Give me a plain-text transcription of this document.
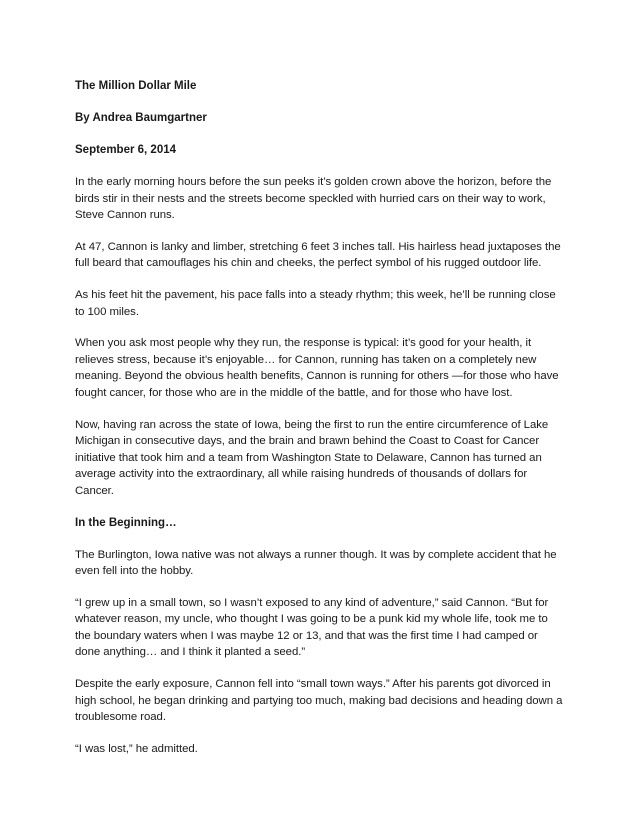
The Million Dollar Mile
By Andrea Baumgartner
September 6, 2014

In the early morning hours before the sun peeks it’s golden crown above the horizon, before the birds stir in their nests and the streets become speckled with hurried cars on their way to work, Steve Cannon runs.

At 47, Cannon is lanky and limber, stretching 6 feet 3 inches tall. His hairless head juxtaposes the full beard that camouflages his chin and cheeks, the perfect symbol of his rugged outdoor life.

As his feet hit the pavement, his pace falls into a steady rhythm; this week, he’ll be running close to 100 miles.

When you ask most people why they run, the response is typical: it’s good for your health, it relieves stress, because it’s enjoyable… for Cannon, running has taken on a completely new meaning. Beyond the obvious health benefits, Cannon is running for others —for those who have fought cancer, for those who are in the middle of the battle, and for those who have lost.

Now, having ran across the state of Iowa, being the first to run the entire circumference of Lake Michigan in consecutive days, and the brain and brawn behind the Coast to Coast for Cancer initiative that took him and a team from Washington State to Delaware, Cannon has turned an average activity into the extraordinary, all while raising hundreds of thousands of dollars for Cancer.

In the Beginning…

The Burlington, Iowa native was not always a runner though. It was by complete accident that he even fell into the hobby.

“I grew up in a small town, so I wasn’t exposed to any kind of adventure,” said Cannon. “But for whatever reason, my uncle, who thought I was going to be a punk kid my whole life, took me to the boundary waters when I was maybe 12 or 13, and that was the first time I had camped or done anything… and I think it planted a seed.”

Despite the early exposure, Cannon fell into “small town ways.” After his parents got divorced in high school, he began drinking and partying too much, making bad decisions and heading down a troublesome road.

“I was lost,” he admitted.
